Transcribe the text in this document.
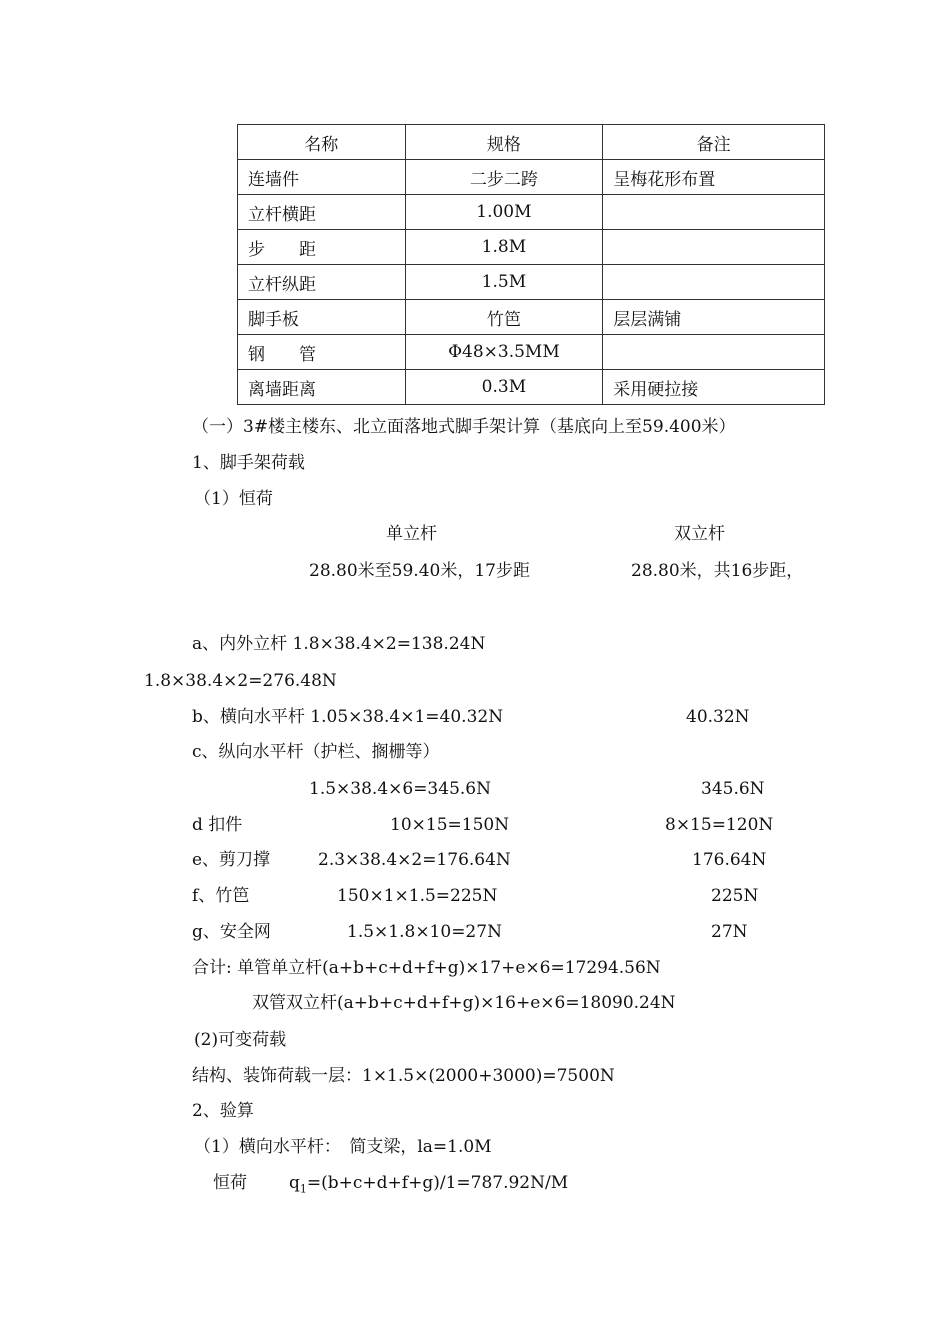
名称	规格	备注
连墙件	二步二跨	呈梅花形布置
立杆横距	1.00M	
步　　距	1.8M	
立杆纵距	1.5M	
脚手板	竹笆	层层满铺
钢　　管	Φ48×3.5MM	
离墙距离	0.3M	采用硬拉接
（一）3#楼主楼东、北立面落地式脚手架计算（基底向上至59.400米）
1、脚手架荷载
（1）恒荷
单立杆	双立杆
28.80米至59.40米，17步距	28.80米，共16步距，
a、内外立杆 1.8×38.4×2=138.24N
1.8×38.4×2=276.48N
b、横向水平杆 1.05×38.4×1=40.32N	40.32N
c、纵向水平杆（护栏、搁栅等）
1.5×38.4×6=345.6N	345.6N
d 扣件	10×15=150N	8×15=120N
e、剪刀撑	2.3×38.4×2=176.64N	176.64N
f、竹笆	150×1×1.5=225N	225N
g、安全网	1.5×1.8×10=27N	27N
合计: 单管单立杆(a+b+c+d+f+g)×17+e×6=17294.56N
双管双立杆(a+b+c+d+f+g)×16+e×6=18090.24N
(2)可变荷载
结构、装饰荷载一层：1×1.5×(2000+3000)=7500N
2、验算
（1）横向水平杆：　简支梁，la=1.0M
恒荷 $q_1=(b+c+d+f+g)/1=787.92N/M$
